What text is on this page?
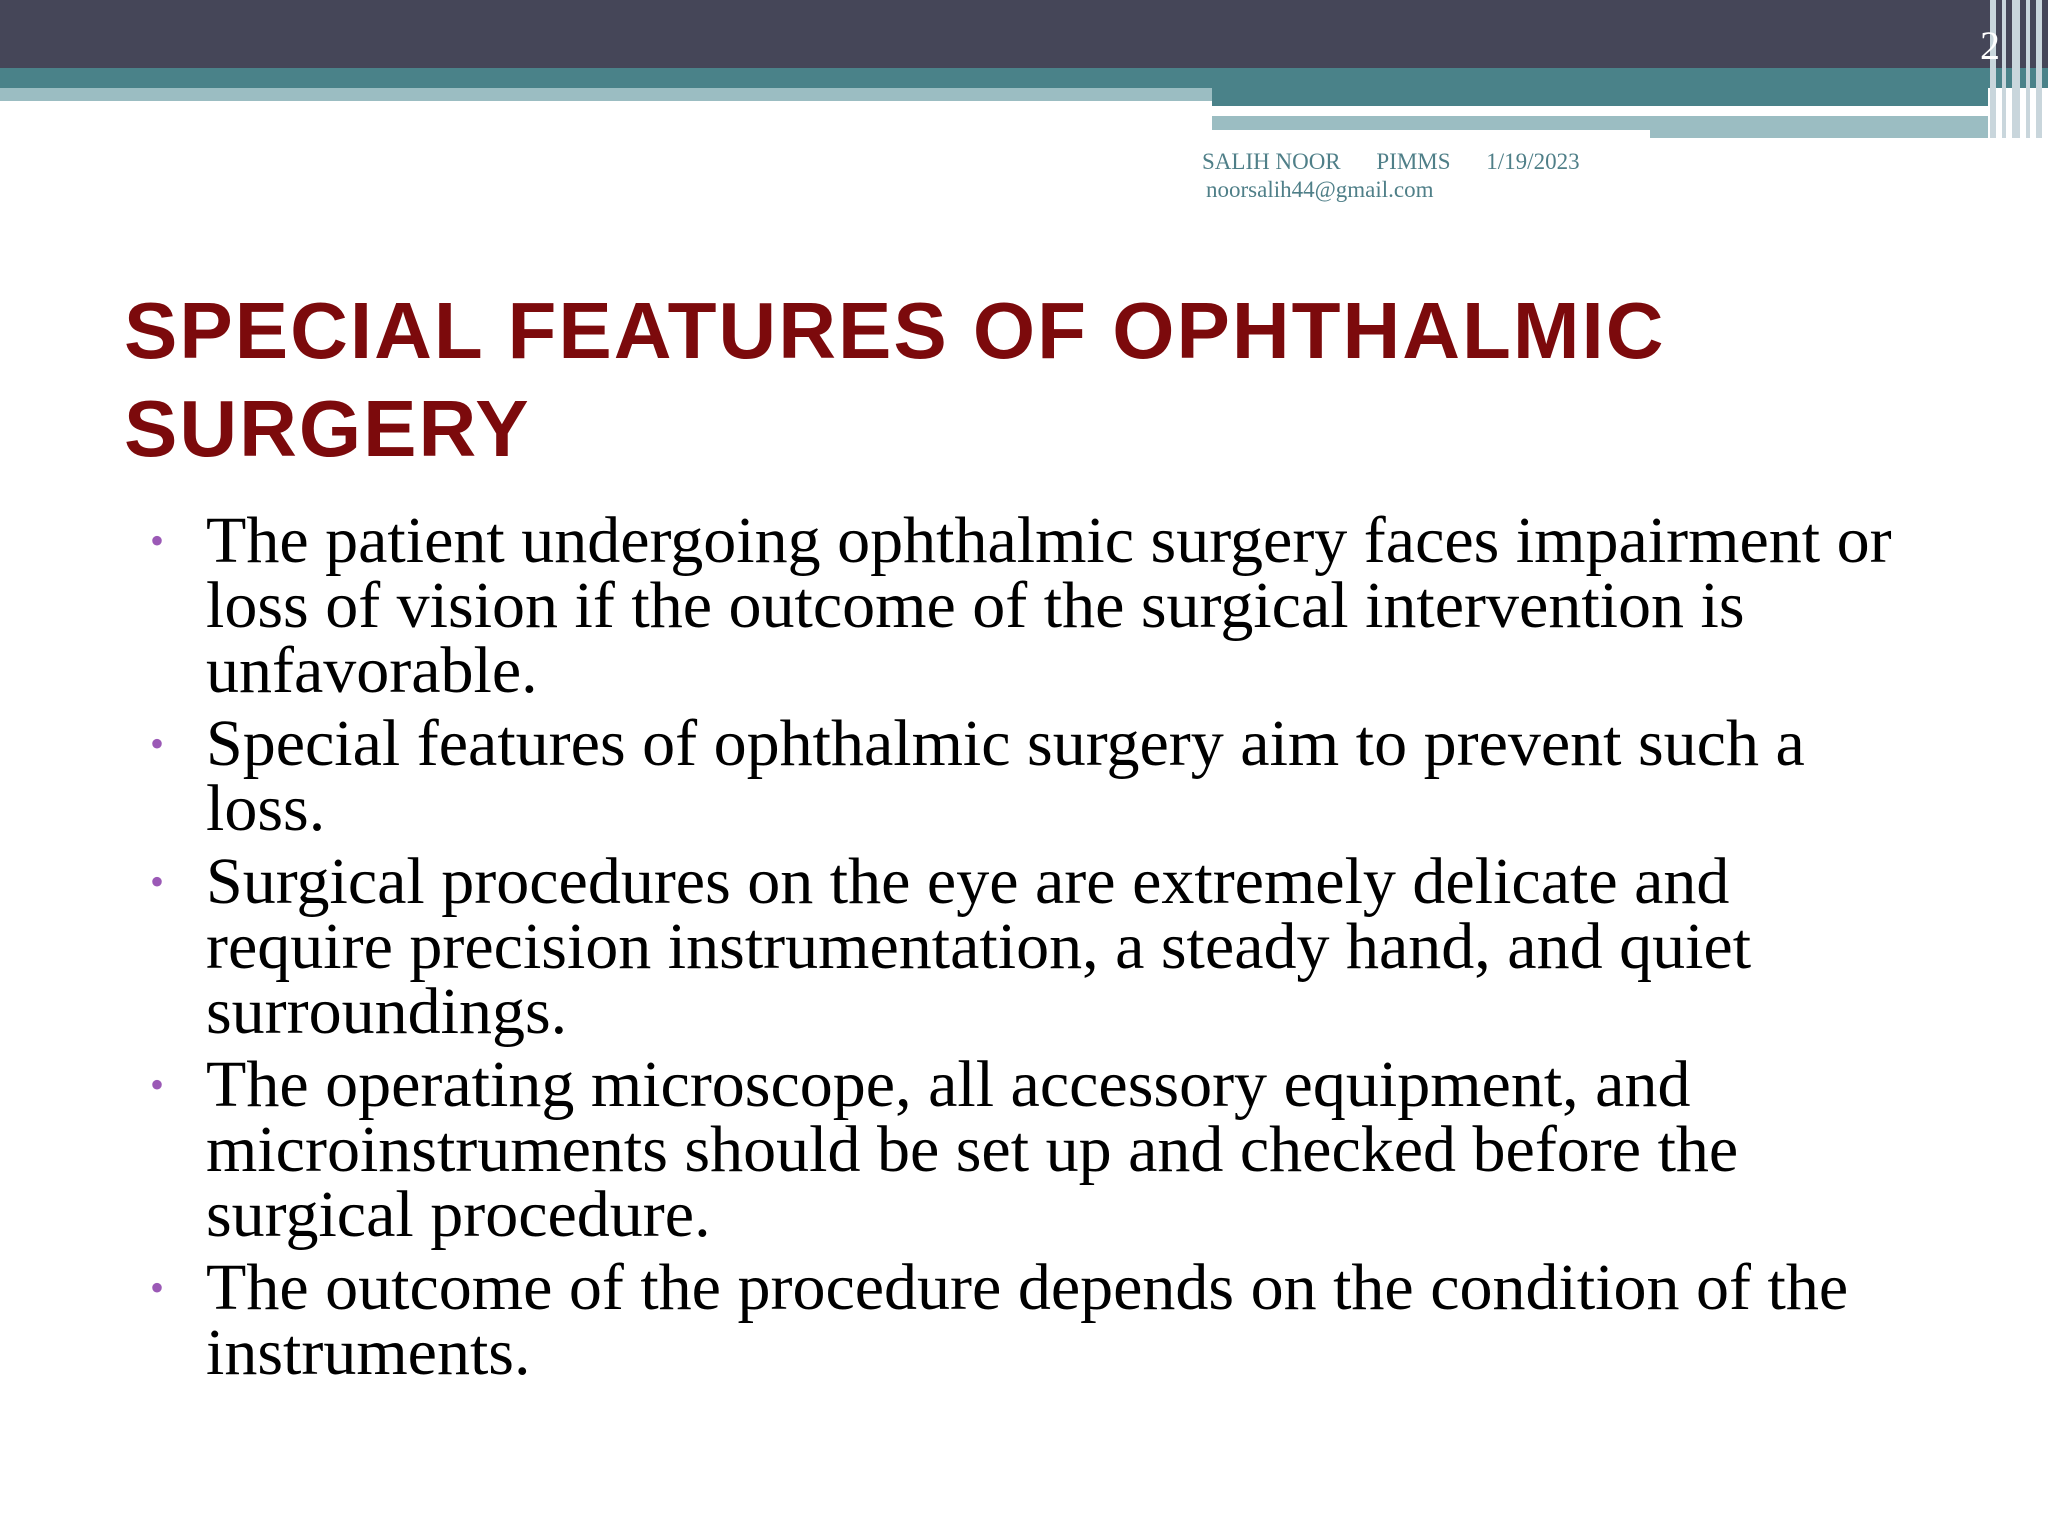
2
SALIH NOOR PIMMS 1/19/2023
noorsalih44@gmail.com
SPECIAL FEATURES OF OPHTHALMIC
SURGERY
• The patient undergoing ophthalmic surgery faces impairment or loss of vision if the outcome of the surgical intervention is unfavorable.
• Special features of ophthalmic surgery aim to prevent such a loss.
• Surgical procedures on the eye are extremely delicate and require precision instrumentation, a steady hand, and quiet surroundings.
• The operating microscope, all accessory equipment, and microinstruments should be set up and checked before the surgical procedure.
• The outcome of the procedure depends on the condition of the instruments.
